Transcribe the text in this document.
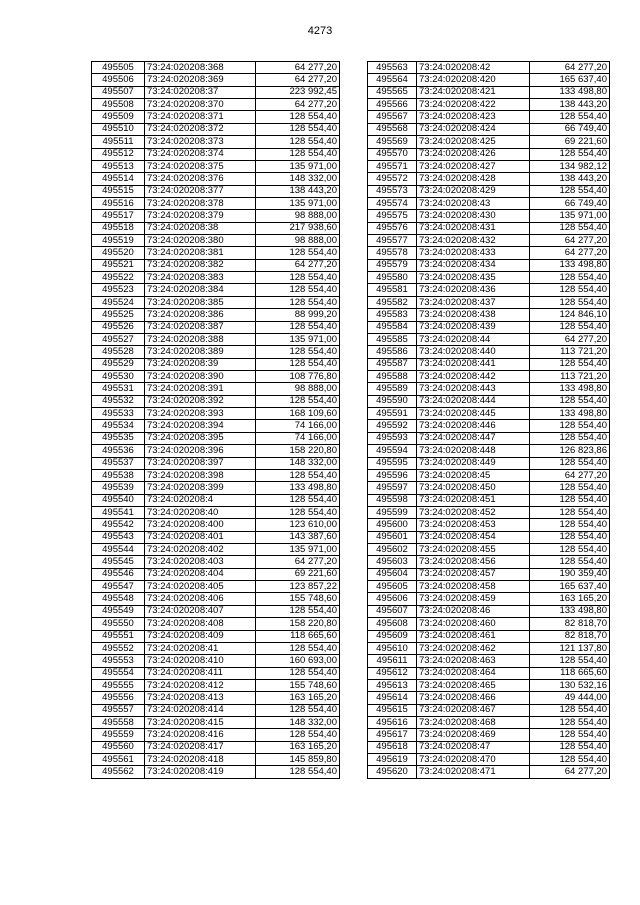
4273
495505	73:24:020208:368	64 277,20
495506	73:24:020208:369	64 277,20
495507	73:24:020208:37	223 992,45
495508	73:24:020208:370	64 277,20
495509	73:24:020208:371	128 554,40
495510	73:24:020208:372	128 554,40
495511	73:24:020208:373	128 554,40
495512	73:24:020208:374	128 554,40
495513	73:24:020208:375	135 971,00
495514	73:24:020208:376	148 332,00
495515	73:24:020208:377	138 443,20
495516	73:24:020208:378	135 971,00
495517	73:24:020208:379	98 888,00
495518	73:24:020208:38	217 938,60
495519	73:24:020208:380	98 888,00
495520	73:24:020208:381	128 554,40
495521	73:24:020208:382	64 277,20
495522	73:24:020208:383	128 554,40
495523	73:24:020208:384	128 554,40
495524	73:24:020208:385	128 554,40
495525	73:24:020208:386	88 999,20
495526	73:24:020208:387	128 554,40
495527	73:24:020208:388	135 971,00
495528	73:24:020208:389	128 554,40
495529	73:24:020208:39	128 554,40
495530	73:24:020208:390	108 776,80
495531	73:24:020208:391	98 888,00
495532	73:24:020208:392	128 554,40
495533	73:24:020208:393	168 109,60
495534	73:24:020208:394	74 166,00
495535	73:24:020208:395	74 166,00
495536	73:24:020208:396	158 220,80
495537	73:24:020208:397	148 332,00
495538	73:24:020208:398	128 554,40
495539	73:24:020208:399	133 498,80
495540	73:24:020208:4	128 554,40
495541	73:24:020208:40	128 554,40
495542	73:24:020208:400	123 610,00
495543	73:24:020208:401	143 387,60
495544	73:24:020208:402	135 971,00
495545	73:24:020208:403	64 277,20
495546	73:24:020208:404	69 221,60
495547	73:24:020208:405	123 857,22
495548	73:24:020208:406	155 748,60
495549	73:24:020208:407	128 554,40
495550	73:24:020208:408	158 220,80
495551	73:24:020208:409	118 665,60
495552	73:24:020208:41	128 554,40
495553	73:24:020208:410	160 693,00
495554	73:24:020208:411	128 554,40
495555	73:24:020208:412	155 748,60
495556	73:24:020208:413	163 165,20
495557	73:24:020208:414	128 554,40
495558	73:24:020208:415	148 332,00
495559	73:24:020208:416	128 554,40
495560	73:24:020208:417	163 165,20
495561	73:24:020208:418	145 859,80
495562	73:24:020208:419	128 554,40
495563	73:24:020208:42	64 277,20
495564	73:24:020208:420	165 637,40
495565	73:24:020208:421	133 498,80
495566	73:24:020208:422	138 443,20
495567	73:24:020208:423	128 554,40
495568	73:24:020208:424	66 749,40
495569	73:24:020208:425	69 221,60
495570	73:24:020208:426	128 554,40
495571	73:24:020208:427	134 982,12
495572	73:24:020208:428	138 443,20
495573	73:24:020208:429	128 554,40
495574	73:24:020208:43	66 749,40
495575	73:24:020208:430	135 971,00
495576	73:24:020208:431	128 554,40
495577	73:24:020208:432	64 277,20
495578	73:24:020208:433	64 277,20
495579	73:24:020208:434	133 498,80
495580	73:24:020208:435	128 554,40
495581	73:24:020208:436	128 554,40
495582	73:24:020208:437	128 554,40
495583	73:24:020208:438	124 846,10
495584	73:24:020208:439	128 554,40
495585	73:24:020208:44	64 277,20
495586	73:24:020208:440	113 721,20
495587	73:24:020208:441	128 554,40
495588	73:24:020208:442	113 721,20
495589	73:24:020208:443	133 498,80
495590	73:24:020208:444	128 554,40
495591	73:24:020208:445	133 498,80
495592	73:24:020208:446	128 554,40
495593	73:24:020208:447	128 554,40
495594	73:24:020208:448	126 823,86
495595	73:24:020208:449	128 554,40
495596	73:24:020208:45	64 277,20
495597	73:24:020208:450	128 554,40
495598	73:24:020208:451	128 554,40
495599	73:24:020208:452	128 554,40
495600	73:24:020208:453	128 554,40
495601	73:24:020208:454	128 554,40
495602	73:24:020208:455	128 554,40
495603	73:24:020208:456	128 554,40
495604	73:24:020208:457	190 359,40
495605	73:24:020208:458	165 637,40
495606	73:24:020208:459	163 165,20
495607	73:24:020208:46	133 498,80
495608	73:24:020208:460	82 818,70
495609	73:24:020208:461	82 818,70
495610	73:24:020208:462	121 137,80
495611	73:24:020208:463	128 554,40
495612	73:24:020208:464	118 665,60
495613	73:24:020208:465	130 532,16
495614	73:24:020208:466	49 444,00
495615	73:24:020208:467	128 554,40
495616	73:24:020208:468	128 554,40
495617	73:24:020208:469	128 554,40
495618	73:24:020208:47	128 554,40
495619	73:24:020208:470	128 554,40
495620	73:24:020208:471	64 277,20
